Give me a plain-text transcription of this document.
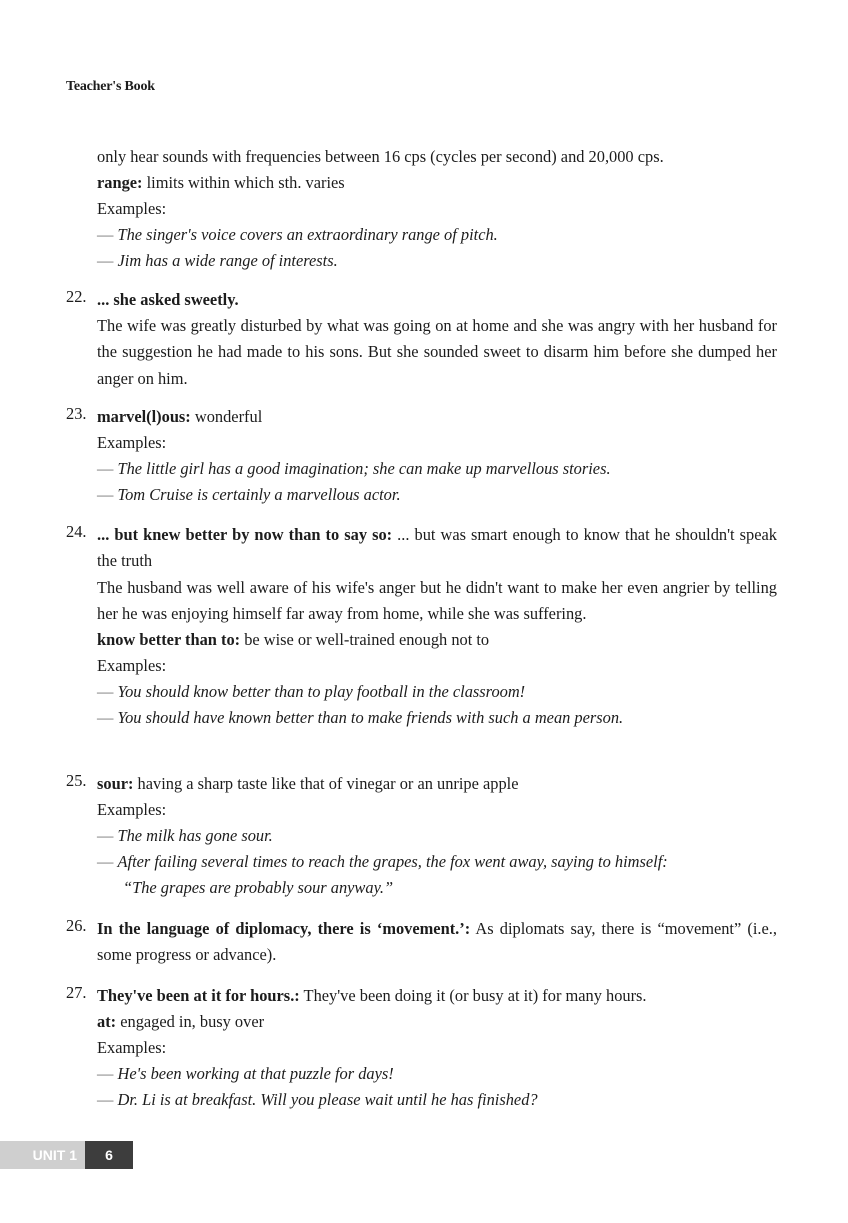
Teacher's Book
only hear sounds with frequencies between 16 cps (cycles per second) and 20,000 cps.
range: limits within which sth. varies
Examples:
— The singer's voice covers an extraordinary range of pitch.
— Jim has a wide range of interests.
22. ... she asked sweetly.
The wife was greatly disturbed by what was going on at home and she was angry with her husband for the suggestion he had made to his sons. But she sounded sweet to disarm him before she dumped her anger on him.
23. marvel(l)ous: wonderful
Examples:
— The little girl has a good imagination; she can make up marvellous stories.
— Tom Cruise is certainly a marvellous actor.
24. ... but knew better by now than to say so: ... but was smart enough to know that he shouldn't speak the truth
The husband was well aware of his wife's anger but he didn't want to make her even angrier by telling her he was enjoying himself far away from home, while she was suffering.
know better than to: be wise or well-trained enough not to
Examples:
— You should know better than to play football in the classroom!
— You should have known better than to make friends with such a mean person.
25. sour: having a sharp taste like that of vinegar or an unripe apple
Examples:
— The milk has gone sour.
— After failing several times to reach the grapes, the fox went away, saying to himself:
“The grapes are probably sour anyway.”
26. In the language of diplomacy, there is ‘movement.’: As diplomats say, there is “movement” (i.e., some progress or advance).
27. They've been at it for hours.: They've been doing it (or busy at it) for many hours.
at: engaged in, busy over
Examples:
— He's been working at that puzzle for days!
— Dr. Li is at breakfast. Will you please wait until he has finished?
UNIT 1	6
